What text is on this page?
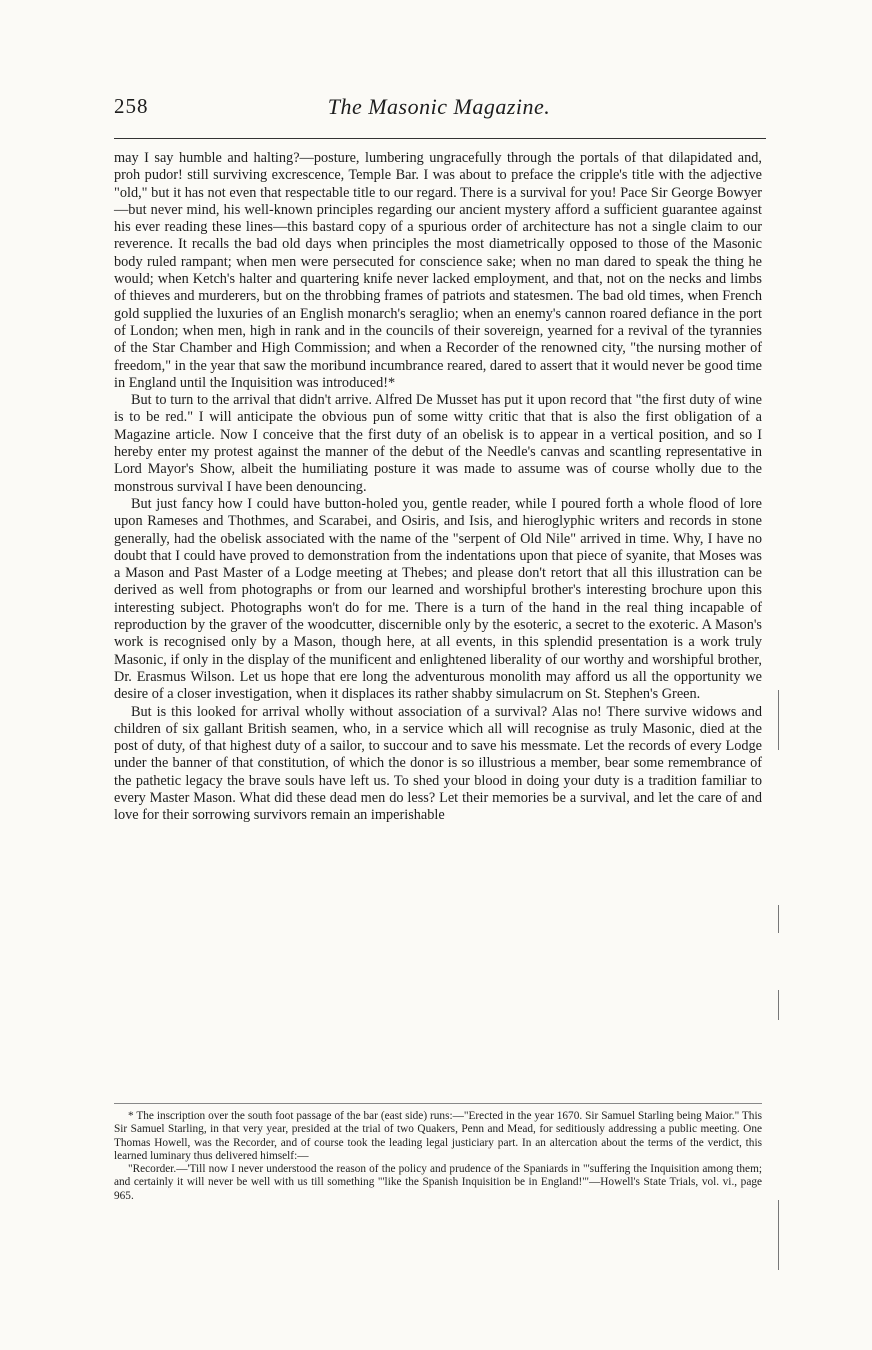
258	The Masonic Magazine.

may I say humble and halting?—posture, lumbering ungracefully through the portals of that dilapidated and, proh pudor! still surviving excrescence, Temple Bar. I was about to preface the cripple's title with the adjective "old," but it has not even that respectable title to our regard. There is a survival for you! Pace Sir George Bowyer—but never mind, his well-known principles regarding our ancient mystery afford a sufficient guarantee against his ever reading these lines—this bastard copy of a spurious order of architecture has not a single claim to our reverence. It recalls the bad old days when principles the most diametrically opposed to those of the Masonic body ruled rampant; when men were persecuted for conscience sake; when no man dared to speak the thing he would; when Ketch's halter and quartering knife never lacked employment, and that, not on the necks and limbs of thieves and murderers, but on the throbbing frames of patriots and statesmen. The bad old times, when French gold supplied the luxuries of an English monarch's seraglio; when an enemy's cannon roared defiance in the port of London; when men, high in rank and in the councils of their sovereign, yearned for a revival of the tyrannies of the Star Chamber and High Commission; and when a Recorder of the renowned city, "the nursing mother of freedom," in the year that saw the moribund incumbrance reared, dared to assert that it would never be good time in England until the Inquisition was introduced!*

But to turn to the arrival that didn't arrive. Alfred De Musset has put it upon record that "the first duty of wine is to be red." I will anticipate the obvious pun of some witty critic that that is also the first obligation of a Magazine article. Now I conceive that the first duty of an obelisk is to appear in a vertical position, and so I hereby enter my protest against the manner of the debut of the Needle's canvas and scantling representative in Lord Mayor's Show, albeit the humiliating posture it was made to assume was of course wholly due to the monstrous survival I have been denouncing.

But just fancy how I could have button-holed you, gentle reader, while I poured forth a whole flood of lore upon Rameses and Thothmes, and Scarabei, and Osiris, and Isis, and hieroglyphic writers and records in stone generally, had the obelisk associated with the name of the "serpent of Old Nile" arrived in time. Why, I have no doubt that I could have proved to demonstration from the indentations upon that piece of syanite, that Moses was a Mason and Past Master of a Lodge meeting at Thebes; and please don't retort that all this illustration can be derived as well from photographs or from our learned and worshipful brother's interesting brochure upon this interesting subject. Photographs won't do for me. There is a turn of the hand in the real thing incapable of reproduction by the graver of the woodcutter, discernible only by the esoteric, a secret to the exoteric. A Mason's work is recognised only by a Mason, though here, at all events, in this splendid presentation is a work truly Masonic, if only in the display of the munificent and enlightened liberality of our worthy and worshipful brother, Dr. Erasmus Wilson. Let us hope that ere long the adventurous monolith may afford us all the opportunity we desire of a closer investigation, when it displaces its rather shabby simulacrum on St. Stephen's Green.

But is this looked for arrival wholly without association of a survival? Alas no! There survive widows and children of six gallant British seamen, who, in a service which all will recognise as truly Masonic, died at the post of duty, of that highest duty of a sailor, to succour and to save his messmate. Let the records of every Lodge under the banner of that constitution, of which the donor is so illustrious a member, bear some remembrance of the pathetic legacy the brave souls have left us. To shed your blood in doing your duty is a tradition familiar to every Master Mason. What did these dead men do less? Let their memories be a survival, and let the care of and love for their sorrowing survivors remain an imperishable

* The inscription over the south foot passage of the bar (east side) runs:—"Erected in the year 1670. Sir Samuel Starling being Maior." This Sir Samuel Starling, in that very year, presided at the trial of two Quakers, Penn and Mead, for seditiously addressing a public meeting. One Thomas Howell, was the Recorder, and of course took the leading legal justiciary part. In an altercation about the terms of the verdict, this learned luminary thus delivered himself:—

"Recorder.—'Till now I never understood the reason of the policy and prudence of the Spaniards in "'suffering the Inquisition among them; and certainly it will never be well with us till something "'like the Spanish Inquisition be in England!'"—Howell's State Trials, vol. vi., page 965.
